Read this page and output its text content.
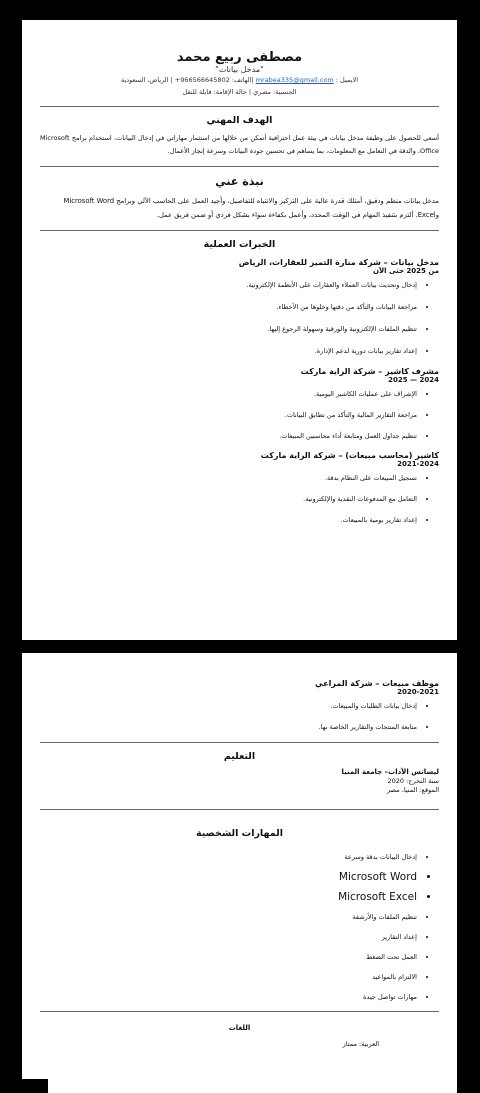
مصطفى ربيع محمد
"مدخل بيانات"
الايميل : mrabea335@gmail.com |الهاتف: 966566645802+ | الرياض، السعودية
الجنسية: مصري | حالة الإقامة: قابلة للنقل
الهدف المهني
أسعى للحصول على وظيفة مدخل بيانات في بيئة عمل احترافية أتمكن من خلالها من استثمار مهاراتي في إدخال البيانات، استخدام برامج Microsoft Office، والدقة في التعامل مع المعلومات، بما يساهم في تحسين جودة البيانات وسرعة إنجاز الأعمال.
نبذة عني
مدخل بيانات منظم ودقيق، أمتلك قدرة عالية على التركيز والانتباه للتفاصيل، وأجيد العمل على الحاسب الآلي وبرامج Microsoft Word وExcel. ألتزم بتنفيذ المهام في الوقت المحدد، وأعمل بكفاءة سواء بشكل فردي أو ضمن فريق عمل.
الخبرات العملية
مدخل بيانات – شركة منارة التميز للعقارات، الرياض
من 2025 حتى الآن
• إدخال وتحديث بيانات العملاء والعقارات على الأنظمة الإلكترونية.
• مراجعة البيانات والتأكد من دقتها وخلوها من الأخطاء.
• تنظيم الملفات الإلكترونية والورقية وسهولة الرجوع إليها.
• إعداد تقارير بيانات دورية لدعم الإدارة.
مشرف كاشير – شركة الراية ماركت
2024 — 2025
• الإشراف على عمليات الكاشير اليومية.
• مراجعة التقارير المالية والتأكد من تطابق البيانات.
• تنظيم جداول العمل ومتابعة أداء محاسبين المبيعات.
كاشير (محاسب مبيعات) – شركة الراية ماركت
2021-2024
• تسجيل المبيعات على النظام بدقة.
• التعامل مع المدفوعات النقدية والإلكترونية.
• إعداد تقارير يومية بالمبيعات.
موظف مبيعات – شركة المراعي
2020-2021
• إدخال بيانات الطلبات والمبيعات.
• متابعة المنتجات والتقارير الخاصة بها.
التعليم
ليسانس الآداب– جامعة المنيا
سنة التخرج: 2020
الموقع: المنيا، مصر
المهارات الشخصية
• إدخال البيانات بدقة وسرعة
• Microsoft Word
• Microsoft Excel
• تنظيم الملفات والأرشفة
• إعداد التقارير
• العمل تحت الضغط
• الالتزام بالمواعيد
• مهارات تواصل جيدة
اللغات
العربية: ممتاز
